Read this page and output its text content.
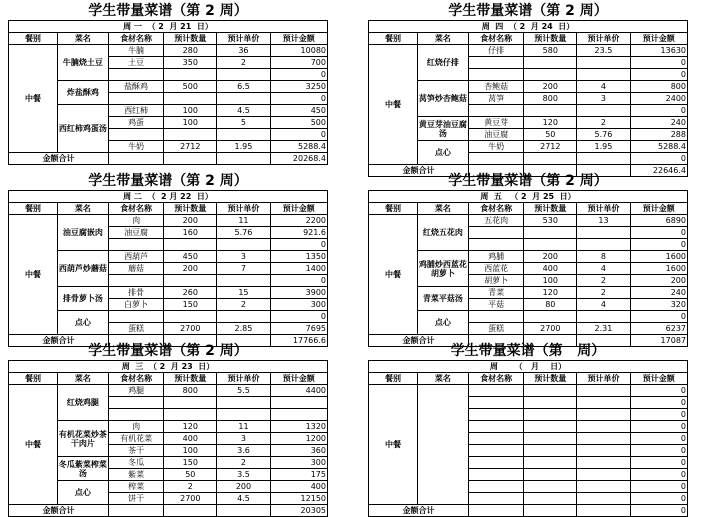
学生带量菜谱（第 2 周）
周 一  （ 2  月 21  日）					
餐别	菜名	食材名称	预计数量	预计单价	预计金额
中餐	牛腩烧土豆	牛腩	280	36	10080
		土豆	350	2	700
					0
	炸盐酥鸡	盐酥鸡	500	6.5	3250
					0
	西红柿鸡蛋汤	西红柿	100	4.5	450
		鸡蛋	100	5	500
					0
		牛奶	2712	1.95	5288.4
金额合计					20268.4
学生带量菜谱（第 2 周）
周  四  （ 2  月 24  日）					
餐别	菜名	食材名称	预计数量	预计单价	预计金额
中餐	红烧仔排	仔排	580	23.5	13630
					0
					0
	莴笋炒杏鲍菇	杏鲍菇	200	4	800
		莴笋	800	3	2400
					0
	黄豆芽油豆腐汤	黄豆芽	120	2	240
		油豆腐	50	5.76	288
	点心	牛奶	2712	1.95	5288.4
					0
金额合计					22646.4
学生带量菜谱（第 2 周）
周 二  （  2 月 22  日）					
餐别	菜名	食材名称	预计数量	预计单价	预计金额
中餐	油豆腐嵌肉	肉	200	11	2200
		油豆腐	160	5.76	921.6
					0
	西葫芦炒蘑菇	西葫芦	450	3	1350
		蘑菇	200	7	1400
					0
	排骨萝卜汤	排骨	260	15	3900
		白萝卜	150	2	300
	点心				0
		蛋糕	2700	2.85	7695
金额合计					17766.6
学生带量菜谱（第 2 周）
周  五   （ 2  月 25  日）					
餐别	菜名	食材名称	预计数量	预计单价	预计金额
中餐	红烧五花肉	五花肉	530	13	6890
					0
					0
	鸡脯炒西蓝花胡萝卜	鸡脯	200	8	1600
		西蓝花	400	4	1600
		胡萝卜	100	2	200
	青菜平菇汤	青菜	120	2	240
		平菇	80	4	320
	点心				0
		蛋糕	2700	2.31	6237
金额合计					17087
学生带量菜谱（第 2 周）
周  三  （ 2  月 23  日）					
餐别	菜名	食材名称	预计数量	预计单价	预计金额
中餐	红烧鸡腿	鸡腿	800	5.5	4400

	有机花菜炒茶干肉片	肉	120	11	1320
		有机花菜	400	3	1200
		茶干	100	3.6	360
	冬瓜紫菜榨菜汤	冬瓜	150	2	300
		紫菜	50	3.5	175
	点心	榨菜	2	200	400
		饼干	2700	4.5	12150
金额合计					20305
学生带量菜谱（第   周）
周      （   月    日）					
餐别	菜名	食材名称	预计数量	预计单价	预计金额
中餐					0
					0
					0
					0
					0
					0
					0
					0
					0
					0
金额合计					0
